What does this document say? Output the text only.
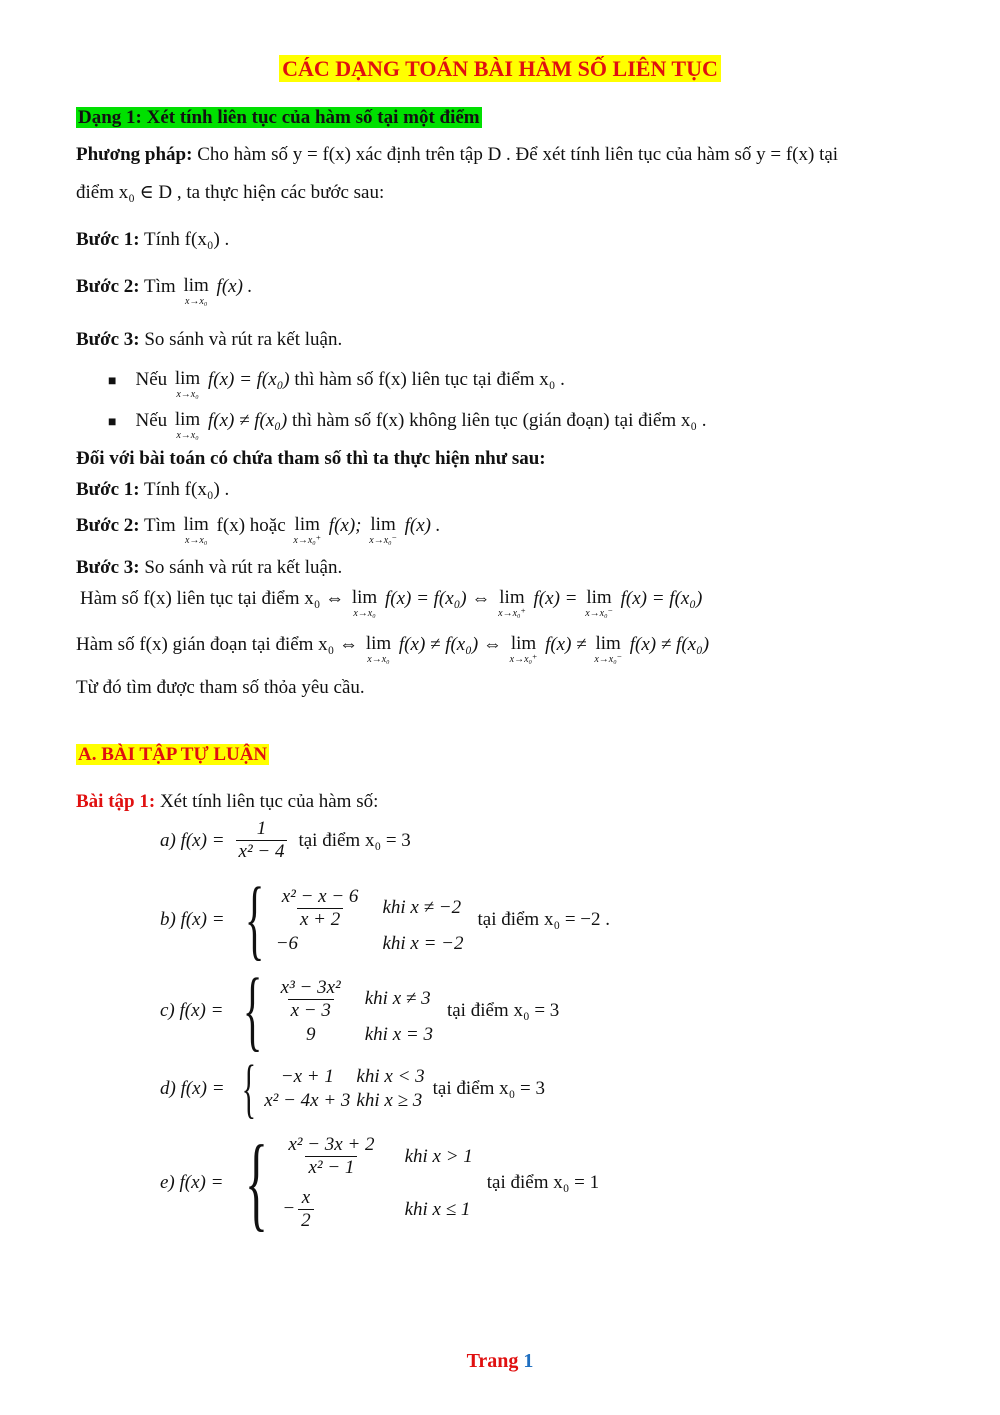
CÁC DẠNG TOÁN BÀI HÀM SỐ LIÊN TỤC
Dạng 1: Xét tính liên tục của hàm số tại một điểm
Phương pháp: Cho hàm số y = f(x) xác định trên tập D . Để xét tính liên tục của hàm số y = f(x) tại
điểm x₀ ∈ D , ta thực hiện các bước sau:
Bước 1: Tính f(x₀) .
Bước 2: Tìm lim
x→x₀
f(x) .
Bước 3: So sánh và rút ra kết luận.
■ Nếu lim
x→x₀
f(x) = f(x₀) thì hàm số f(x) liên tục tại điểm x₀ .
■ Nếu lim
x→x₀
f(x) ≠ f(x₀) thì hàm số f(x) không liên tục (gián đoạn) tại điểm x₀ .
Đối với bài toán có chứa tham số thì ta thực hiện như sau:
Bước 1: Tính f(x₀) .
Bước 2: Tìm lim
x→x₀
f(x) hoặc lim
x→x₀⁺
f(x); lim
x→x₀⁻
f(x) .
Bước 3: So sánh và rút ra kết luận.
Hàm số f(x) liên tục tại điểm x₀ ⇔ lim
x→x₀
f(x) = f(x₀) ⇔ lim
x→x₀⁺
f(x) = lim
x→x₀⁻
f(x) = f(x₀)
Hàm số f(x) gián đoạn tại điểm x₀ ⇔ lim
x→x₀
f(x) ≠ f(x₀) ⇔ lim
x→x₀⁺
f(x) ≠ lim
x→x₀⁻
f(x) ≠ f(x₀)
Từ đó tìm được tham số thỏa yêu cầu.
A. BÀI TẬP TỰ LUẬN
Bài tập 1: Xét tính liên tục của hàm số:
a) $f(x) = \frac{1}{\text{x² − 4}}$ tại điểm x₀ = 3
b) f(x) = { $\frac{\text{x² − x − 6}}{x + 2}$ khi x ≠ −2
−6	khi x = −2
tại điểm x₀ = −2 .
c) f(x) = { $\frac{\text{x³ − 3x²}}{x - 3}$ khi x ≠ 3
9	khi x = 3
tại điểm x₀ = 3
d) f(x) = {	−x + 1	khi x < 3
x² − 4x + 3 khi x ≥ 3
tại điểm x₀ = 3
e) f(x) = { $\frac{\text{x² − 3x + 2}}{\text{x² − 1}}$ khi x > 1
− $\frac{x}{2}$	khi x ≤ 1
tại điểm x₀ = 1
Trang 1
